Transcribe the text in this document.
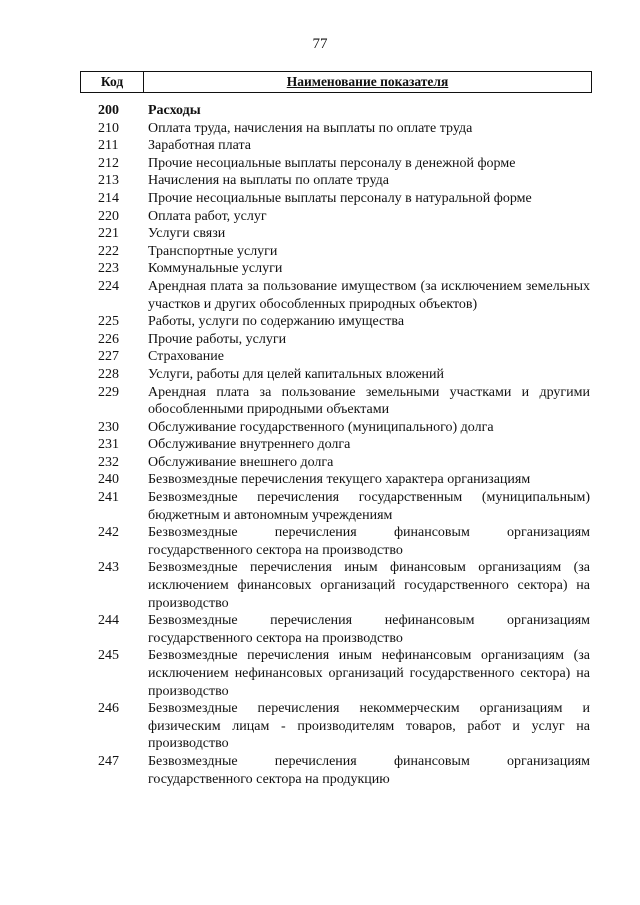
77
Код	Наименование показателя
200	Расходы
210	Оплата труда, начисления на выплаты по оплате труда
211	Заработная плата
212	Прочие несоциальные выплаты персоналу в денежной форме
213	Начисления на выплаты по оплате труда
214	Прочие несоциальные выплаты персоналу в натуральной форме
220	Оплата работ, услуг
221	Услуги связи
222	Транспортные услуги
223	Коммунальные услуги
224	Арендная плата за пользование имуществом (за исключением земельных участков и других обособленных природных объектов)
225	Работы, услуги по содержанию имущества
226	Прочие работы, услуги
227	Страхование
228	Услуги, работы для целей капитальных вложений
229	Арендная плата за пользование земельными участками и другими обособленными природными объектами
230	Обслуживание государственного (муниципального) долга
231	Обслуживание внутреннего долга
232	Обслуживание внешнего долга
240	Безвозмездные перечисления текущего характера организациям
241	Безвозмездные перечисления государственным (муниципальным) бюджетным и автономным учреждениям
242	Безвозмездные перечисления финансовым организациям государственного сектора на производство
243	Безвозмездные перечисления иным финансовым организациям (за исключением финансовых организаций государственного сектора) на производство
244	Безвозмездные перечисления нефинансовым организациям государственного сектора на производство
245	Безвозмездные перечисления иным нефинансовым организациям (за исключением нефинансовых организаций государственного сектора) на производство
246	Безвозмездные перечисления некоммерческим организациям и физическим лицам - производителям товаров, работ и услуг на производство
247	Безвозмездные перечисления финансовым организациям государственного сектора на продукцию
